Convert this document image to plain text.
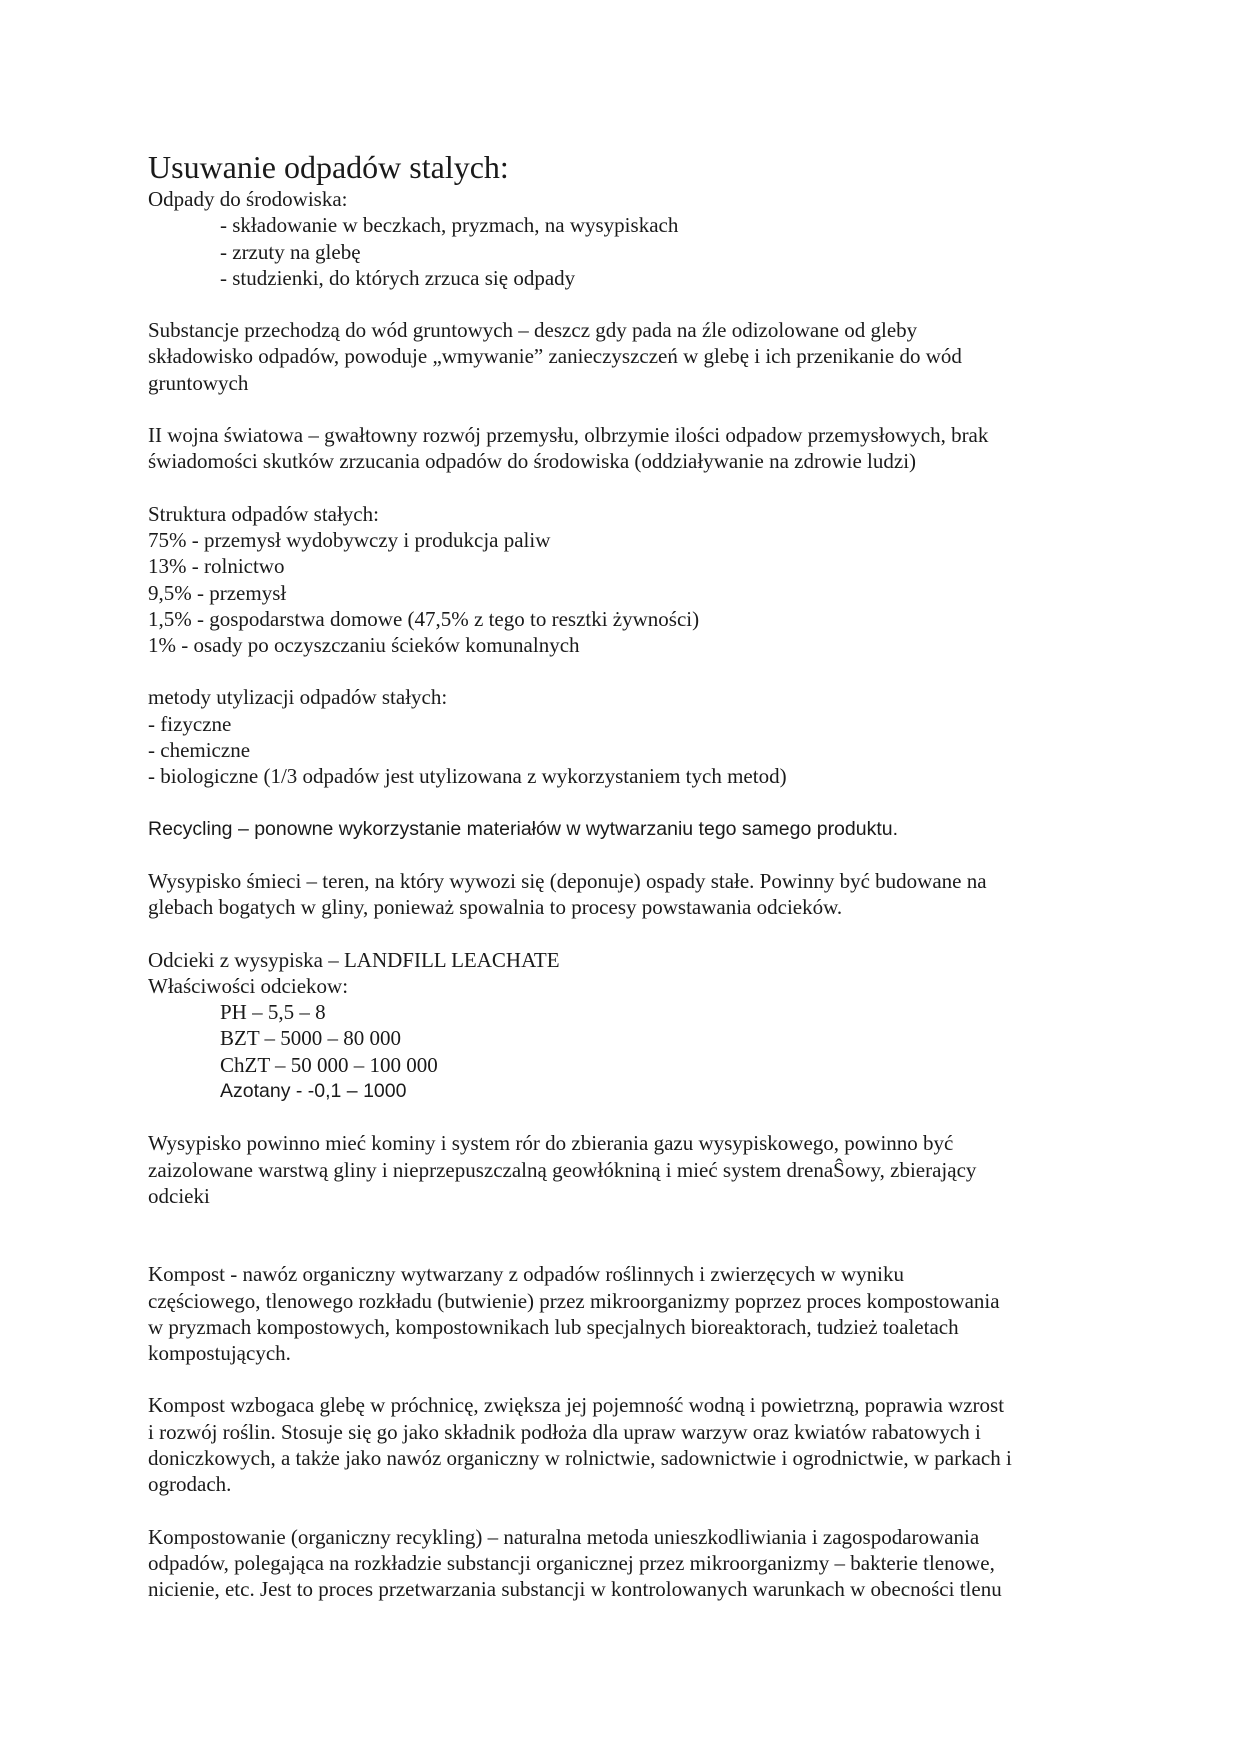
Usuwanie odpadów stalych:
Odpady do środowiska:
- składowanie w beczkach, pryzmach, na wysypiskach
- zrzuty na glebę
- studzienki, do których zrzuca się odpady
Substancje przechodzą do wód gruntowych – deszcz gdy pada na źle odizolowane od gleby
składowisko odpadów, powoduje „wmywanie” zanieczyszczeń w glebę i ich przenikanie do wód
gruntowych
II wojna światowa – gwałtowny rozwój przemysłu, olbrzymie ilości odpadow przemysłowych, brak
świadomości skutków zrzucania odpadów do środowiska (oddziaływanie na zdrowie ludzi)
Struktura odpadów stałych:
75% - przemysł wydobywczy i produkcja paliw
13% - rolnictwo
9,5% - przemysł
1,5% - gospodarstwa domowe (47,5% z tego to resztki żywności)
1% - osady po oczyszczaniu ścieków komunalnych
metody utylizacji odpadów stałych:
- fizyczne
- chemiczne
- biologiczne (1/3 odpadów jest utylizowana z wykorzystaniem tych metod)
Recycling – ponowne wykorzystanie materiałów w wytwarzaniu tego samego produktu.
Wysypisko śmieci – teren, na który wywozi się (deponuje) ospady stałe. Powinny być budowane na
glebach bogatych w gliny, ponieważ spowalnia to procesy powstawania odcieków.
Odcieki z wysypiska – LANDFILL LEACHATE
Właściwości odciekow:
PH – 5,5 – 8
BZT – 5000 – 80 000
ChZT – 50 000 – 100 000
Azotany - -0,1 – 1000
Wysypisko powinno mieć kominy i system rór do zbierania gazu wysypiskowego, powinno być
zaizolowane warstwą gliny i nieprzepuszczalną geowłókniną i mieć system drenaŜowy, zbierający
odcieki
Kompost - nawóz organiczny wytwarzany z odpadów roślinnych i zwierzęcych w wyniku
częściowego, tlenowego rozkładu (butwienie) przez mikroorganizmy poprzez proces kompostowania
w pryzmach kompostowych, kompostownikach lub specjalnych bioreaktorach, tudzież toaletach
kompostujących.
Kompost wzbogaca glebę w próchnicę, zwiększa jej pojemność wodną i powietrzną, poprawia wzrost
i rozwój roślin. Stosuje się go jako składnik podłoża dla upraw warzyw oraz kwiatów rabatowych i
doniczkowych, a także jako nawóz organiczny w rolnictwie, sadownictwie i ogrodnictwie, w parkach i
ogrodach.
Kompostowanie (organiczny recykling) – naturalna metoda unieszkodliwiania i zagospodarowania
odpadów, polegająca na rozkładzie substancji organicznej przez mikroorganizmy – bakterie tlenowe,
nicienie, etc. Jest to proces przetwarzania substancji w kontrolowanych warunkach w obecności tlenu
